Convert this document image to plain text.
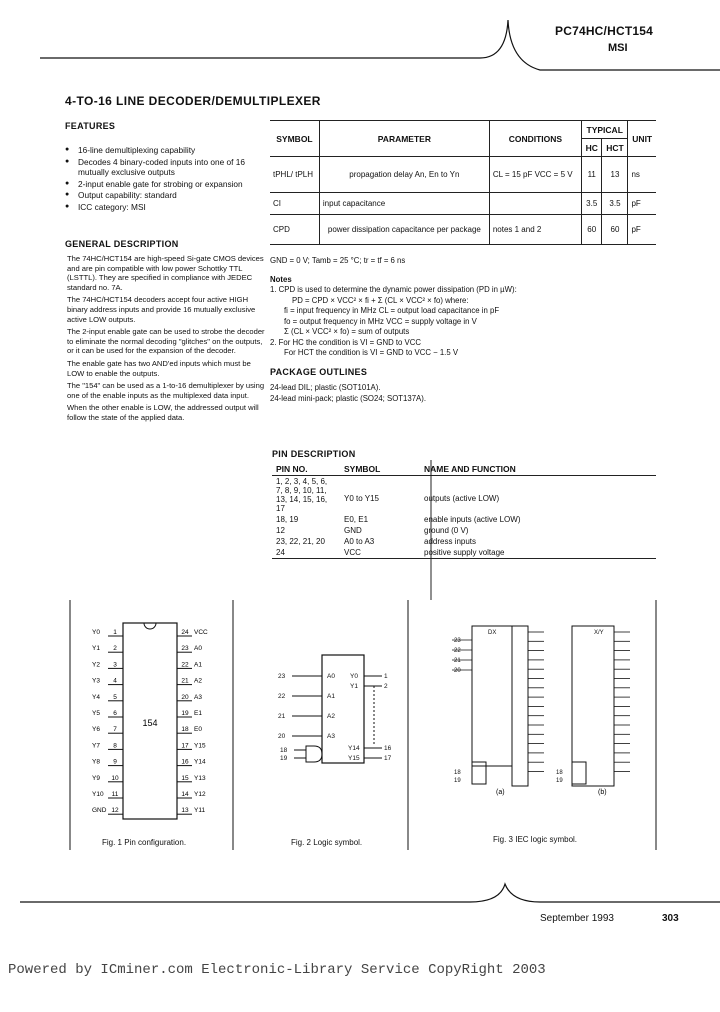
PC74HC/HCT154
MSI
4-TO-16 LINE DECODER/DEMULTIPLEXER
FEATURES
● 16-line demultiplexing capability
● Decodes 4 binary-coded inputs into one of 16 mutually exclusive outputs
● 2-input enable gate for strobing or expansion
● Output capability: standard
● ICC category: MSI
GENERAL DESCRIPTION

The 74HC/HCT154 are high-speed Si-gate CMOS devices and are pin compatible with low power Schottky TTL (LSTTL). They are specified in compliance with JEDEC standard no. 7A.

The 74HC/HCT154 decoders accept four active HIGH binary address inputs and provide 16 mutually exclusive active LOW outputs.

The 2-input enable gate can be used to strobe the decoder to eliminate the normal decoding "glitches" on the outputs, or it can be used for the expansion of the decoder.

The enable gate has two AND'ed inputs which must be LOW to enable the outputs.

The "154" can be used as a 1-to-16 demultiplexer by using one of the enable inputs as the multiplexed data input.

When the other enable is LOW, the addressed output will follow the state of the applied data.

SYMBOL	PARAMETER	CONDITIONS	TYPICAL		UNIT
			HC	HCT	
tPHL/ tPLH	propagation delay An, En to Yn	CL = 15 pF VCC = 5 V	11	13	ns
CI	input capacitance		3.5	3.5	pF
CPD	power dissipation capacitance per package	notes 1 and 2	60	60	pF
GND = 0 V; Tamb = 25 °C; tr = tf = 6 ns
Notes
1. CPD is used to determine the dynamic power dissipation (PD in µW):
PD = CPD × VCC² × fi + Σ (CL × VCC² × fo) where:
fi = input frequency in MHz CL = output load capacitance in pF
fo = output frequency in MHz VCC = supply voltage in V
Σ (CL × VCC² × fo) = sum of outputs
2. For HC the condition is VI = GND to VCC
For HCT the condition is VI = GND to VCC − 1.5 V
PACKAGE OUTLINES
24-lead DIL; plastic (SOT101A).
24-lead mini-pack; plastic (SO24; SOT137A).
PIN DESCRIPTION
PIN NO.	SYMBOL	NAME AND FUNCTION
1, 2, 3, 4, 5, 6, 7, 8, 9, 10, 11, 13, 14, 15, 16, 17	Y0 to Y15	outputs (active LOW)
18, 19	E0, E1	enable inputs (active LOW)
12	GND	ground (0 V)
23, 22, 21, 20	A0 to A3	address inputs
24	VCC	positive supply voltage
Y0 1
Y1 2
Y2 3
Y3 4
Y4 5
Y5 6
Y6 7
Y7 8
Y8 9
Y9 10
Y10 11
GND 12
24 VCC
23 A0
22 A1
21 A2
20 A3
19 E1
18 E0
17 Y15
16 Y14
15 Y13
14 Y12
13 Y11
154
Fig. 1 Pin configuration.
23
22
21
20
18
19
A0
A1
A2
A3
Y0
Y1
Y14
Y15
1
2
16
17
Fig. 2 Logic symbol.
DX	X/Y
23
22
21
20
18
19
18
19
(a)	(b)
Fig. 3 IEC logic symbol.
September 1993	303
Powered by ICminer.com Electronic-Library Service CopyRight 2003
